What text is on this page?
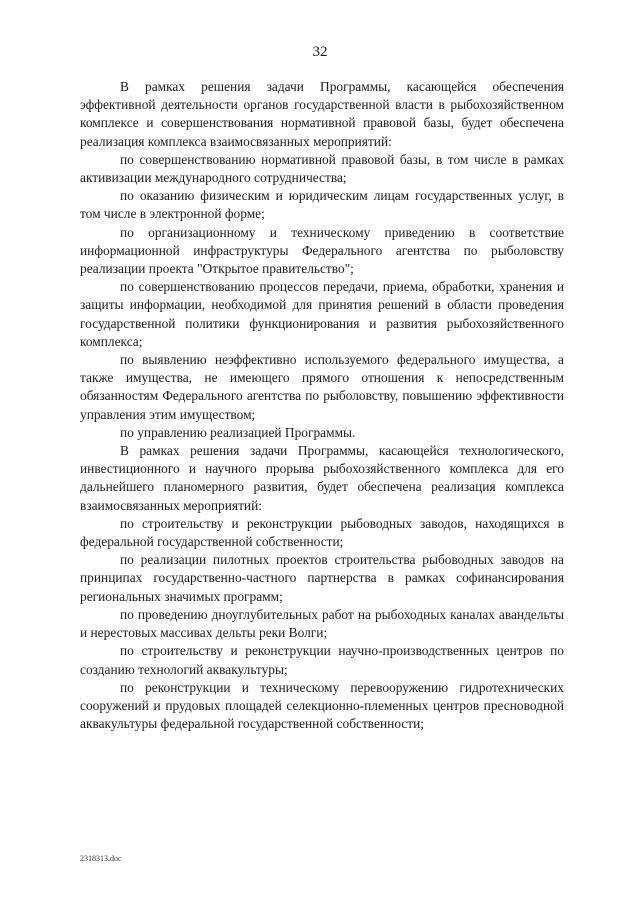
32

В рамках решения задачи Программы, касающейся обеспечения эффективной деятельности органов государственной власти в рыбохозяйственном комплексе и совершенствования нормативной правовой базы, будет обеспечена реализация комплекса взаимосвязанных мероприятий:

по совершенствованию нормативной правовой базы, в том числе в рамках активизации международного сотрудничества;

по оказанию физическим и юридическим лицам государственных услуг, в том числе в электронной форме;

по организационному и техническому приведению в соответствие информационной инфраструктуры Федерального агентства по рыболовству реализации проекта "Открытое правительство";

по совершенствованию процессов передачи, приема, обработки, хранения и защиты информации, необходимой для принятия решений в области проведения государственной политики функционирования и развития рыбохозяйственного комплекса;

по выявлению неэффективно используемого федерального имущества, а также имущества, не имеющего прямого отношения к непосредственным обязанностям Федерального агентства по рыболовству, повышению эффективности управления этим имуществом;

по управлению реализацией Программы.

В рамках решения задачи Программы, касающейся технологического, инвестиционного и научного прорыва рыбохозяйственного комплекса для его дальнейшего планомерного развития, будет обеспечена реализация комплекса взаимосвязанных мероприятий:

по строительству и реконструкции рыбоводных заводов, находящихся в федеральной государственной собственности;

по реализации пилотных проектов строительства рыбоводных заводов на принципах государственно-частного партнерства в рамках софинансирования региональных значимых программ;

по проведению дноуглубительных работ на рыбоходных каналах авандельты и нерестовых массивах дельты реки Волги;

по строительству и реконструкции научно-производственных центров по созданию технологий аквакультуры;

по реконструкции и техническому перевооружению гидротехнических сооружений и прудовых площадей селекционно-племенных центров пресноводной аквакультуры федеральной государственной собственности;

2318313.doc
